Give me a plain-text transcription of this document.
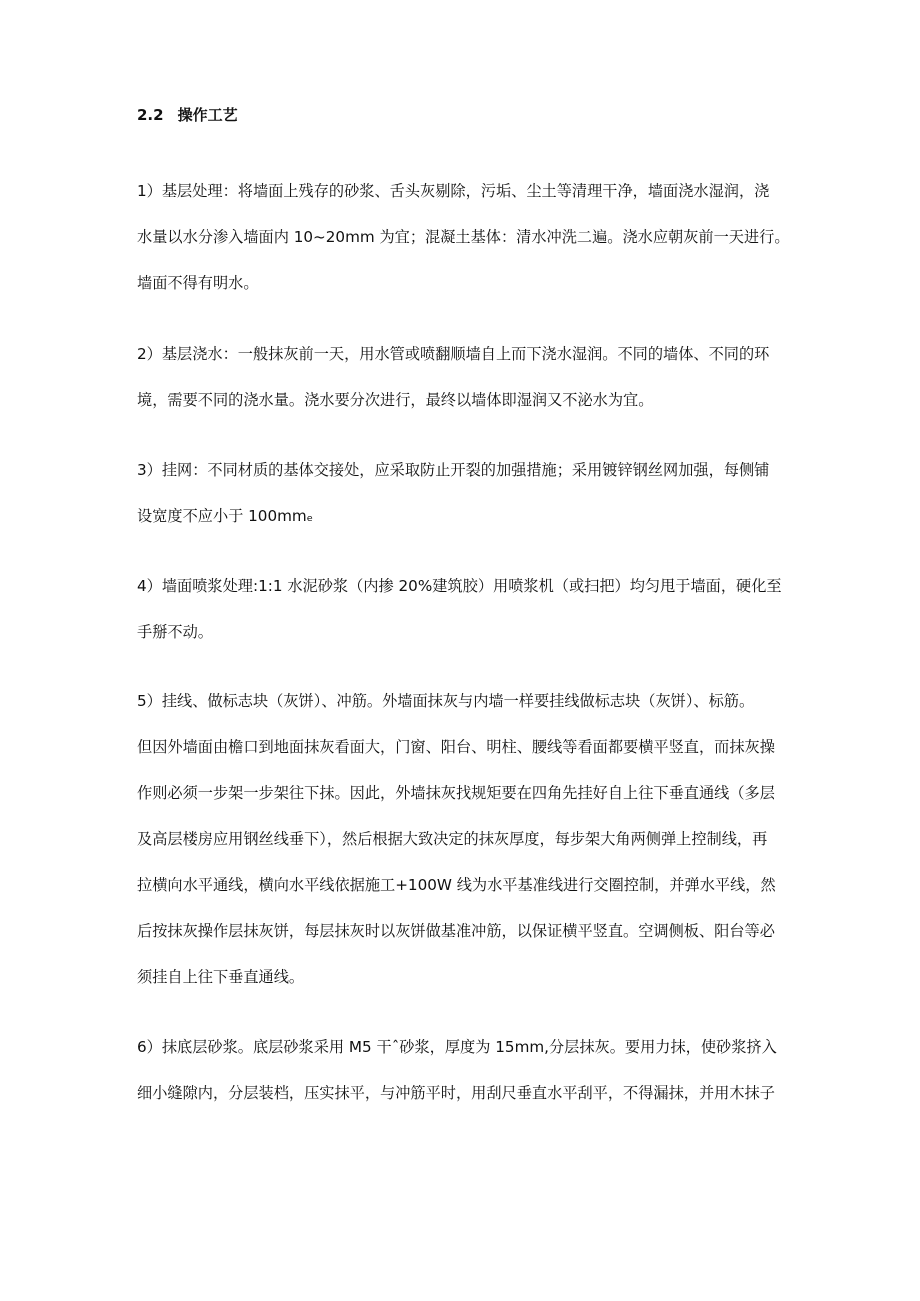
2.2 操作工艺
1）基层处理：将墙面上残存的砂浆、舌头灰剔除，污垢、尘土等清理干净，墙面浇水湿润，浇
水量以水分渗入墙面内 10~20mm 为宜；混凝土基体：清水冲洗二遍。浇水应朝灰前一天进行。
墙面不得有明水。
2）基层浇水：一般抹灰前一天，用水管或喷翻顺墙自上而下浇水湿润。不同的墙体、不同的环
境，需要不同的浇水量。浇水要分次进行，最终以墙体即湿润又不泌水为宜。
3）挂网：不同材质的基体交接处，应采取防止开裂的加强措施；采用镀锌钢丝网加强，每侧铺
设宽度不应小于 100mmₑ
4）墙面喷浆处理:1:1 水泥砂浆（内掺 20%建筑胶）用喷浆机（或扫把）均匀甩于墙面，硬化至
手掰不动。
5）挂线、做标志块（灰饼）、冲筋。外墙面抹灰与内墙一样要挂线做标志块（灰饼）、标筋。
但因外墙面由檐口到地面抹灰看面大，门窗、阳台、明柱、腰线等看面都要横平竖直，而抹灰操
作则必须一步架一步架往下抹。因此，外墙抹灰找规矩要在四角先挂好自上往下垂直通线（多层
及高层楼房应用钢丝线垂下），然后根据大致决定的抹灰厚度，每步架大角两侧弹上控制线，再
拉横向水平通线，横向水平线依据施工+100W 线为水平基准线进行交圈控制，并弹水平线，然
后按抹灰操作层抹灰饼，每层抹灰时以灰饼做基准冲筋，以保证横平竖直。空调侧板、阳台等必
须挂自上往下垂直通线。
6）抹底层砂浆。底层砂浆采用 M5 干ˆ砂浆，厚度为 15mm,分层抹灰。要用力抹，使砂浆挤入
细小缝隙内，分层装档，压实抹平，与冲筋平时，用刮尺垂直水平刮平，不得漏抹，并用木抹子
